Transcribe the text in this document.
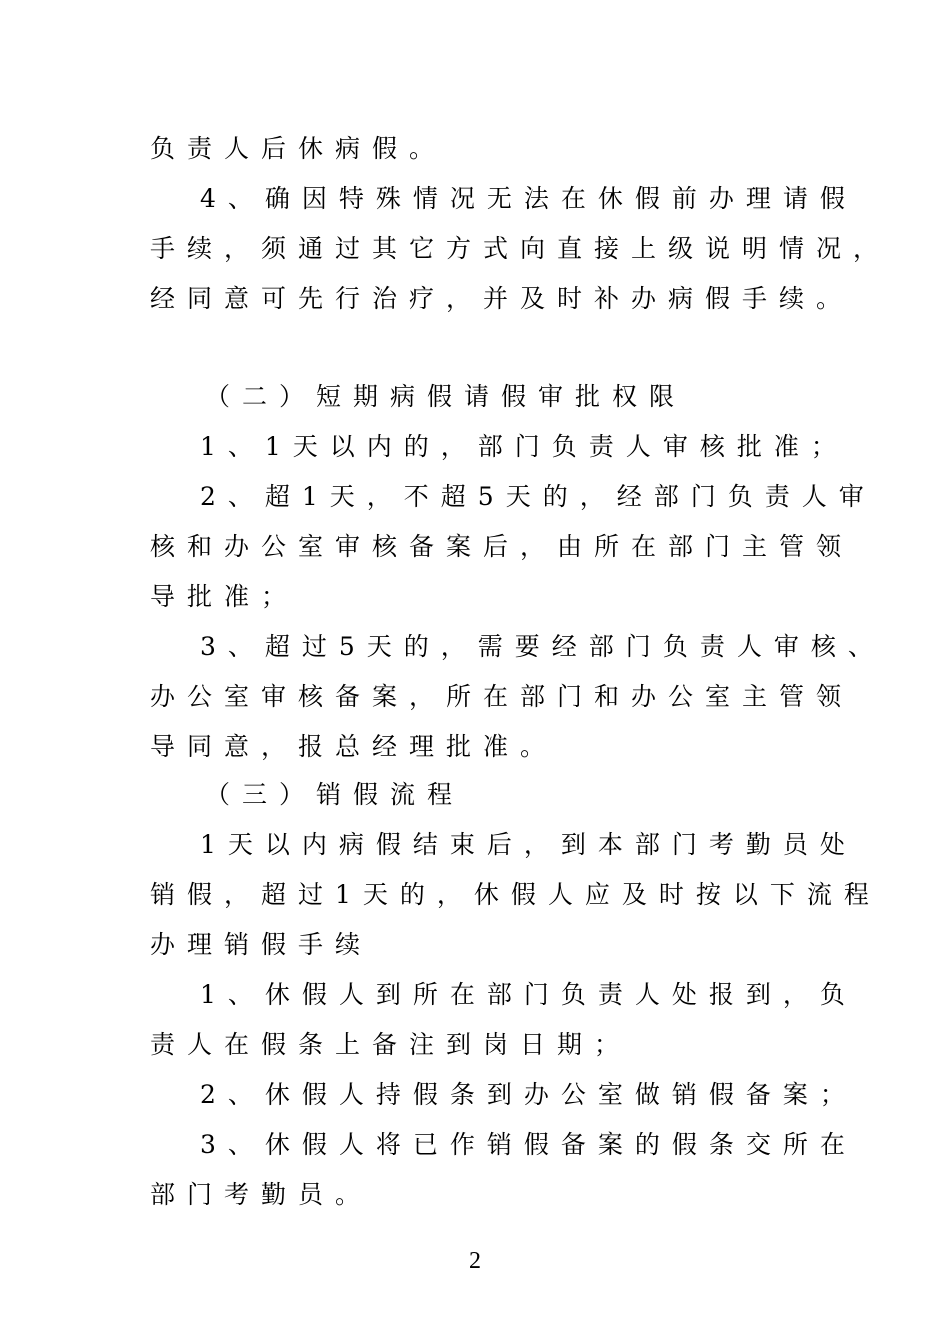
负责人后休病假。
4、确因特殊情况无法在休假前办理请假
手续，须通过其它方式向直接上级说明情况，
经同意可先行治疗，并及时补办病假手续。
（二）短期病假请假审批权限
1、1天以内的，部门负责人审核批准；
2、超1天，不超5天的，经部门负责人审
核和办公室审核备案后，由所在部门主管领
导批准；
3、超过5天的，需要经部门负责人审核、
办公室审核备案，所在部门和办公室主管领
导同意，报总经理批准。
（三）销假流程
1天以内病假结束后，到本部门考勤员处
销假，超过1天的，休假人应及时按以下流程
办理销假手续
1、休假人到所在部门负责人处报到，负
责人在假条上备注到岗日期；
2、休假人持假条到办公室做销假备案；
3、休假人将已作销假备案的假条交所在
部门考勤员。
2
